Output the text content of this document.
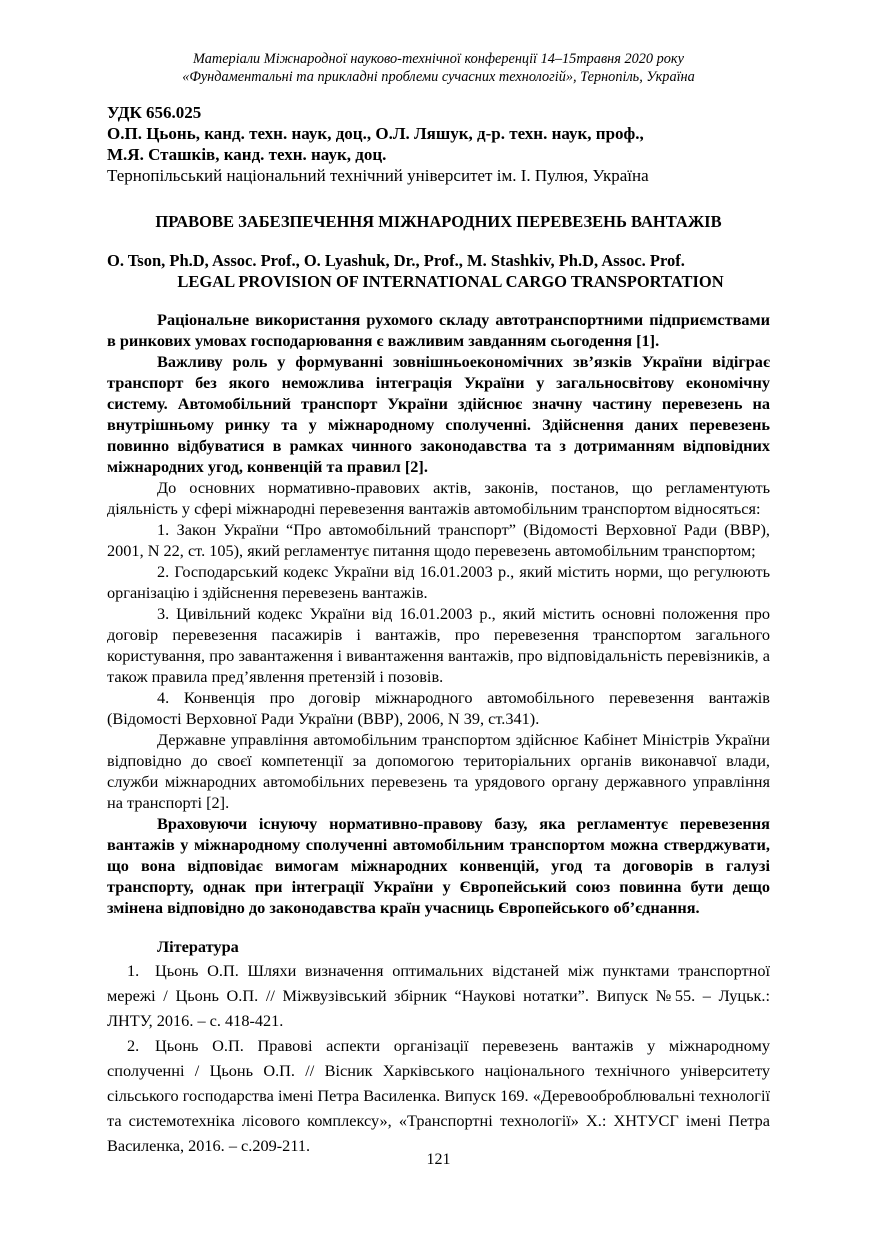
Матеріали Міжнародної науково-технічної конференції 14–15травня 2020 року
«Фундаментальні та прикладні проблеми сучасних технологій», Тернопіль, Україна
УДК 656.025
О.П. Цьонь, канд. техн. наук, доц., О.Л. Ляшук, д-р. техн. наук, проф.,
М.Я. Сташків, канд. техн. наук, доц.
Тернопільський національний технічний університет ім. І. Пулюя, Україна
ПРАВОВЕ ЗАБЕЗПЕЧЕННЯ МІЖНАРОДНИХ ПЕРЕВЕЗЕНЬ ВАНТАЖІВ
O. Tson, Ph.D, Assoc. Prof., O. Lyashuk, Dr., Prof., M. Stashkiv, Ph.D, Assoc. Prof.
LEGAL PROVISION OF INTERNATIONAL CARGO TRANSPORTATION

Раціональне використання рухомого складу автотранспортними підприємствами в ринкових умовах господарювання є важливим завданням сьогодення [1].

Важливу роль у формуванні зовнішньоекономічних зв’язків України відіграє транспорт без якого неможлива інтеграція України у загальносвітову економічну систему. Автомобільний транспорт України здійснює значну частину перевезень на внутрішньому ринку та у міжнародному сполученні. Здійснення даних перевезень повинно відбуватися в рамках чинного законодавства та з дотриманням відповідних міжнародних угод, конвенцій та правил [2].

До основних нормативно-правових актів, законів, постанов, що регламентують діяльність у сфері міжнародні перевезення вантажів автомобільним транспортом відносяться:

1. Закон України “Про автомобільний транспорт” (Відомості Верховної Ради (ВВР), 2001, N 22, ст. 105), який регламентує питання щодо перевезень автомобільним транспортом;

2. Господарський кодекс України від 16.01.2003 р., який містить норми, що регулюють організацію і здійснення перевезень вантажів.

3. Цивільний кодекс України від 16.01.2003 р., який містить основні положення про договір перевезення пасажирів і вантажів, про перевезення транспортом загального користування, про завантаження і вивантаження вантажів, про відповідальність перевізників, а також правила пред’явлення претензій і позовів.

4. Конвенція про договір міжнародного автомобільного перевезення вантажів (Відомості Верховної Ради України (ВВР), 2006, N 39, ст.341).

Державне управління автомобільним транспортом здійснює Кабінет Міністрів України відповідно до своєї компетенції за допомогою територіальних органів виконавчої влади, служби міжнародних автомобільних перевезень та урядового органу державного управління на транспорті [2].

Враховуючи існуючу нормативно-правову базу, яка регламентує перевезення вантажів у міжнародному сполученні автомобільним транспортом можна стверджувати, що вона відповідає вимогам міжнародних конвенцій, угод та договорів в галузі транспорту, однак при інтеграції України у Європейський союз повинна бути дещо змінена відповідно до законодавства країн учасниць Європейського об’єднання.

Література

1. Цьонь О.П. Шляхи визначення оптимальних відстаней між пунктами транспортної мережі / Цьонь О.П. // Міжвузівський збірник “Наукові нотатки”. Випуск №55. – Луцьк.: ЛНТУ, 2016. – с. 418-421.

2. Цьонь О.П. Правові аспекти організації перевезень вантажів у міжнародному сполученні / Цьонь О.П. // Вісник Харківського національного технічного університету сільського господарства імені Петра Василенка. Випуск 169. «Деревооброблювальні технології та системотехніка лісового комплексу», «Транспортні технології» Х.: ХНТУСГ імені Петра Василенка, 2016. – с.209-211.

121
